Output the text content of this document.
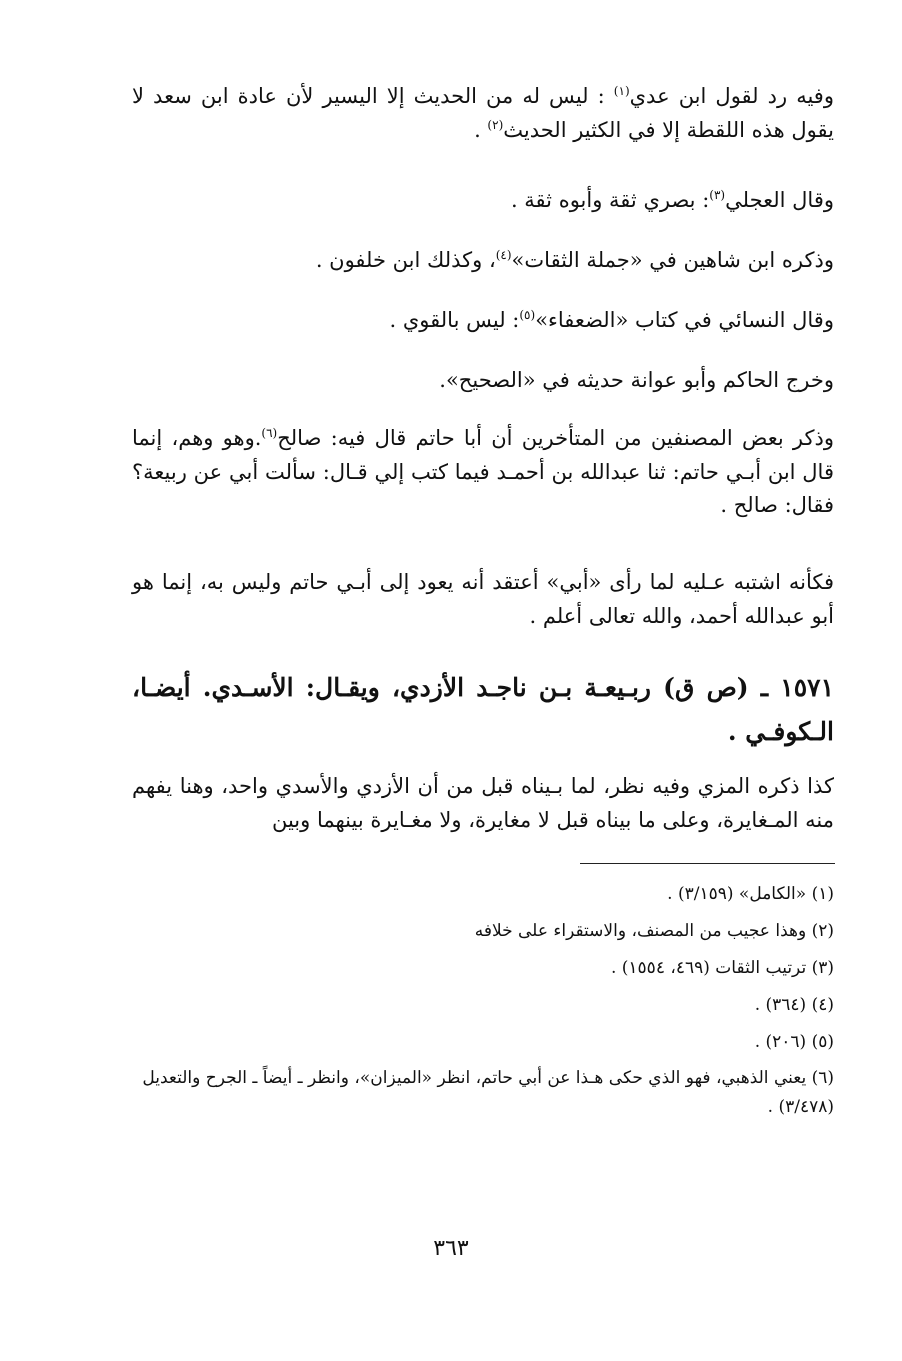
وفيه رد لقول ابن عدي$^{(١)}$ : ليس له من الحديث إلا اليسير لأن عادة ابن سعد لا يقول هذه اللقطة إلا في الكثير الحديث$^{(٢)}$ .
وقال العجلي$^{(٣)}$: بصري ثقة وأبوه ثقة .
وذكره ابن شاهين في «جملة الثقات»$^{(٤)}$، وكذلك ابن خلفون .
وقال النسائي في كتاب «الضعفاء»$^{(٥)}$: ليس بالقوي .
وخرج الحاكم وأبو عوانة حديثه في «الصحيح».
وذكر بعض المصنفين من المتأخرين أن أبا حاتم قال فيه: صالح$^{(٦)}$.وهو وهم، إنما قال ابن أبـي حاتم: ثنا عبدالله بن أحمـد فيما كتب إلي قـال: سألت أبي عن ربيعة؟ فقال: صالح .
فكأنه اشتبه عـليه لما رأى «أبي» أعتقد أنه يعود إلى أبـي حاتم وليس به، إنما هو أبو عبدالله أحمد، والله تعالى أعلم .
١٥٧١ ـ (ص ق) ربـيعـة بـن ناجـد الأزدي، ويقـال: الأسـدي. أيضـا، الـكوفـي .
كذا ذكره المزي وفيه نظر، لما بـيناه قبل من أن الأزدي والأسدي واحد، وهنا يفهم منه المـغايرة، وعلى ما بيناه قبل لا مغايرة، ولا مغـايرة بينهما وبين
(١) «الكامل» (٣/١٥٩) .
(٢) وهذا عجيب من المصنف، والاستقراء على خلافه
(٣) ترتيب الثقات (٤٦٩، ١٥٥٤) .
(٤) (٣٦٤) .
(٥) (٢٠٦) .
(٦) يعني الذهبي، فهو الذي حكى هـذا عن أبي حاتم، انظر «الميزان»، وانظر ـ أيضاً ـ الجرح والتعديل (٣/٤٧٨) .
٣٦٣
